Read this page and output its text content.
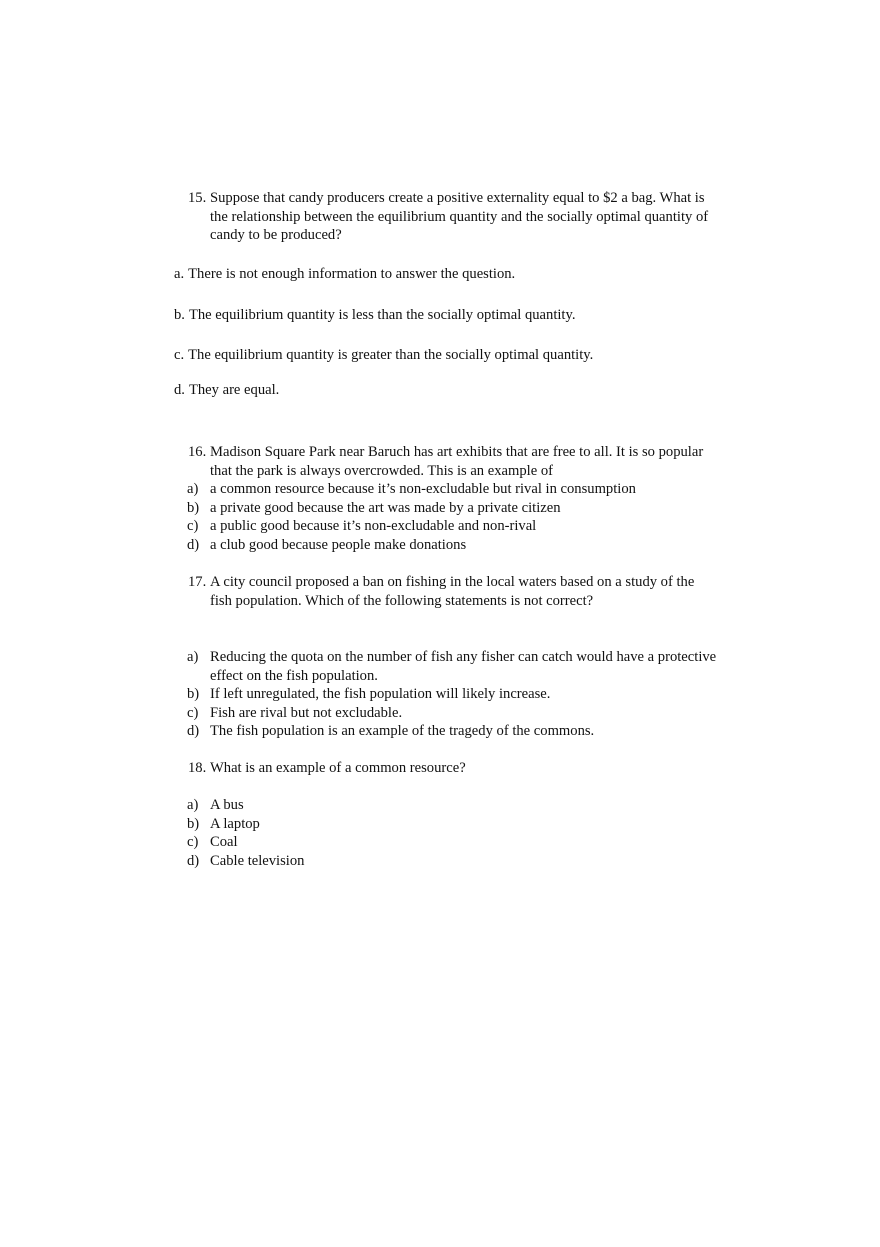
15. Suppose that candy producers create a positive externality equal to $2 a bag. What is
the relationship between the equilibrium quantity and the socially optimal quantity of
candy to be produced?
a. There is not enough information to answer the question.
b. The equilibrium quantity is less than the socially optimal quantity.
c. The equilibrium quantity is greater than the socially optimal quantity.
d. They are equal.
16. Madison Square Park near Baruch has art exhibits that are free to all. It is so popular
that the park is always overcrowded. This is an example of
a) a common resource because it’s non-excludable but rival in consumption
b) a private good because the art was made by a private citizen
c) a public good because it’s non-excludable and non-rival
d) a club good because people make donations
17. A city council proposed a ban on fishing in the local waters based on a study of the
fish population. Which of the following statements is not correct?
a) Reducing the quota on the number of fish any fisher can catch would have a protective
effect on the fish population.
b) If left unregulated, the fish population will likely increase.
c) Fish are rival but not excludable.
d) The fish population is an example of the tragedy of the commons.
18. What is an example of a common resource?
a) A bus
b) A laptop
c) Coal
d) Cable television
